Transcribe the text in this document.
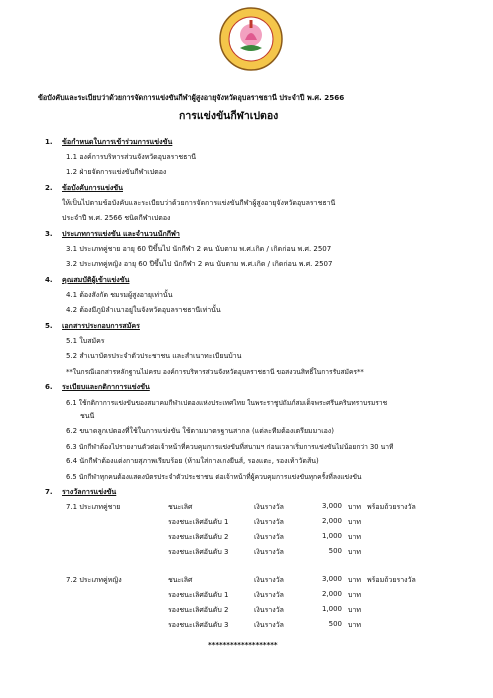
ข้อบังคับและระเบียบว่าด้วยการจัดการแข่งขันกีฬาผู้สูงอายุจังหวัดอุบลราชธานี ประจำปี พ.ศ. 2566
การแข่งขันกีฬาเปตอง
1. ข้อกำหนดในการเข้าร่วมการแข่งขัน
1.1 องค์การบริหารส่วนจังหวัดอุบลราชธานี
1.2 ฝ่ายจัดการแข่งขันกีฬาเปตอง
2. ข้อบังคับการแข่งขัน
ให้เป็นไปตามข้อบังคับและระเบียบว่าด้วยการจัดการแข่งขันกีฬาผู้สูงอายุจังหวัดอุบลราชธานี
ประจำปี พ.ศ. 2566 ชนิดกีฬาเปตอง
3. ประเภทการแข่งขัน และจำนวนนักกีฬา
3.1 ประเภทคู่ชาย อายุ 60 ปีขึ้นไป นักกีฬา 2 คน นับตาม พ.ศ.เกิด / เกิดก่อน พ.ศ. 2507
3.2 ประเภทคู่หญิง อายุ 60 ปีขึ้นไป นักกีฬา 2 คน นับตาม พ.ศ.เกิด / เกิดก่อน พ.ศ. 2507
4. คุณสมบัติผู้เข้าแข่งขัน
4.1 ต้องสังกัด ชมรมผู้สูงอายุเท่านั้น
4.2 ต้องมีภูมิลำเนาอยู่ในจังหวัดอุบลราชธานีเท่านั้น
5. เอกสารประกอบการสมัคร
5.1 ใบสมัคร
5.2 สำเนาบัตรประจำตัวประชาชน และสำเนาทะเบียนบ้าน
**ในกรณีเอกสารหลักฐานไม่ครบ องค์การบริหารส่วนจังหวัดอุบลราชธานี ขอสงวนสิทธิ์ในการรับสมัคร**
6. ระเบียบและกติกาการแข่งขัน
6.1 ใช้กติกาการแข่งขันของสมาคมกีฬาเปตองแห่งประเทศไทย ในพระราชูปถัมภ์สมเด็จพระศรีนครินทราบรมราช
ชนนี
6.2 ขนาดลูกเปตองที่ใช้ในการแข่งขัน ใช้ตามมาตรฐานสากล (แต่ละทีมต้องเตรียมมาเอง)
6.3 นักกีฬาต้องไปรายงานตัวต่อเจ้าหน้าที่ควบคุมการแข่งขันที่สนามฯ ก่อนเวลาเริ่มการแข่งขันไม่น้อยกว่า 30 นาที
6.4 นักกีฬาต้องแต่งกายสุภาพเรียบร้อย (ห้ามใส่กางเกงยีนส์, รองแตะ, รองเท้าวัดส้น)
6.5 นักกีฬาทุกคนต้องแสดงบัตรประจำตัวประชาชน ต่อเจ้าหน้าที่ผู้ควบคุมการแข่งขันทุกครั้งที่ลงแข่งขัน
7. รางวัลการแข่งขัน
7.1 ประเภทคู่ชาย	ชนะเลิศ	เงินรางวัล	3,000 บาท พร้อมถ้วยรางวัล
รองชนะเลิศอันดับ 1	เงินรางวัล	2,000 บาท
รองชนะเลิศอันดับ 2	เงินรางวัล	1,000 บาท
รองชนะเลิศอันดับ 3	เงินรางวัล	500 บาท
7.2 ประเภทคู่หญิง	ชนะเลิศ	เงินรางวัล	3,000 บาท พร้อมถ้วยรางวัล
รองชนะเลิศอันดับ 1	เงินรางวัล	2,000 บาท
รองชนะเลิศอันดับ 2	เงินรางวัล	1,000 บาท
รองชนะเลิศอันดับ 3	เงินรางวัล	500 บาท
*******************
